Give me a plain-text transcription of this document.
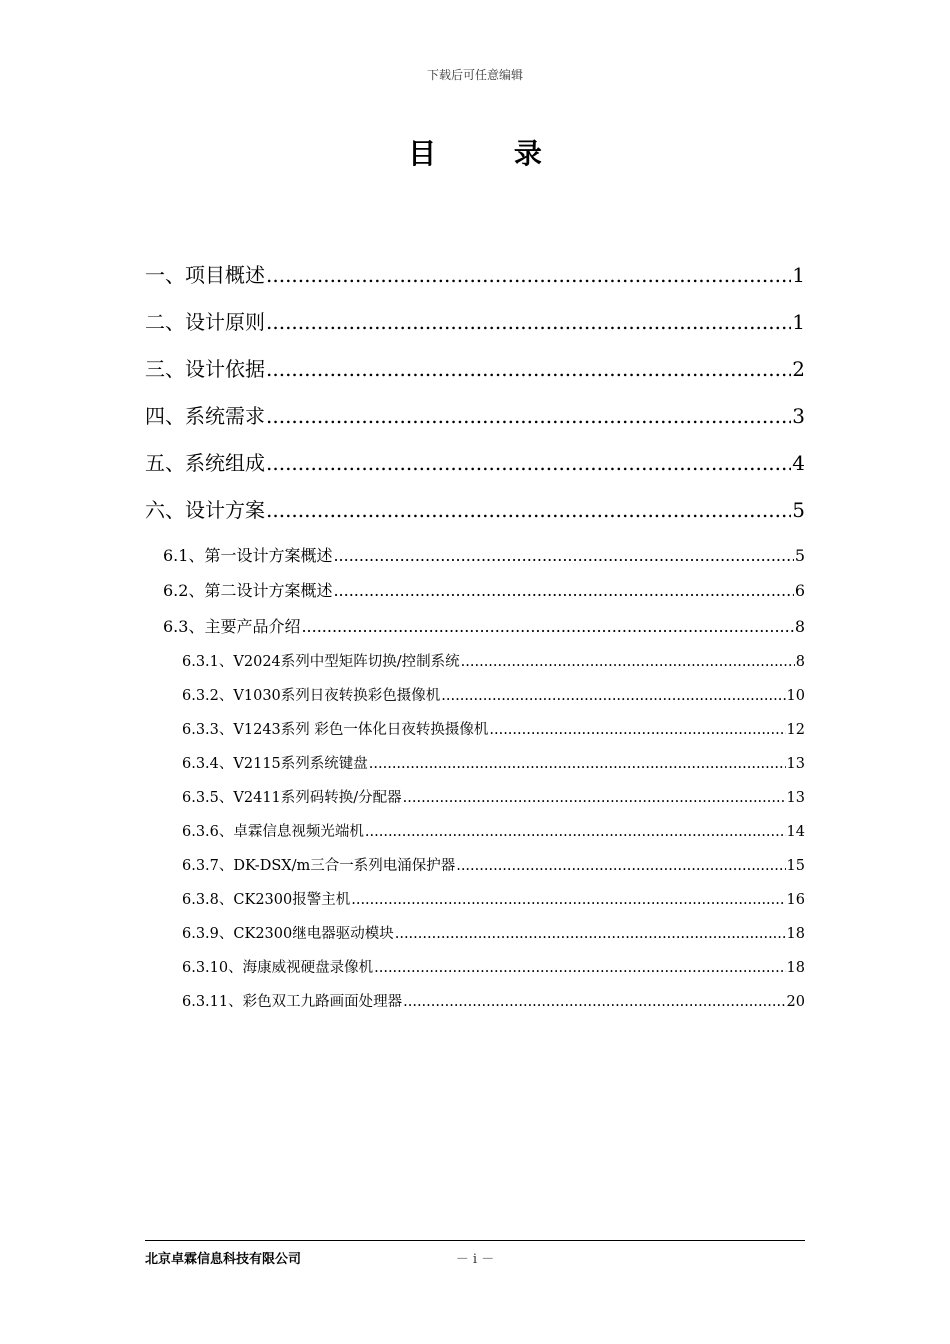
下载后可任意编辑
目 录
一、项目概述 .....	1
二、设计原则 .....	1
三、设计依据 .....	2
四、系统需求 .....	3
五、系统组成 .....	4
六、设计方案 .....	5
6.1、第一设计方案概述 .....	5
6.2、第二设计方案概述 .....	6
6.3、主要产品介绍 .....	8
6.3.1、V2024系列中型矩阵切换/控制系统 .....	8
6.3.2、V1030系列日夜转换彩色摄像机 .....	10
6.3.3、V1243系列 彩色一体化日夜转换摄像机 .....	12
6.3.4、V2115系列系统键盘 .....	13
6.3.5、V2411系列码转换/分配器 .....	13
6.3.6、卓霖信息视频光端机 .....	14
6.3.7、DK-DSX/m三合一系列电涌保护器 .....	15
6.3.8、CK2300报警主机 .....	16
6.3.9、CK2300继电器驱动模块 .....	18
6.3.10、海康威视硬盘录像机 .....	18
6.3.11、彩色双工九路画面处理器 .....	20
北京卓霖信息科技有限公司	－ i －
